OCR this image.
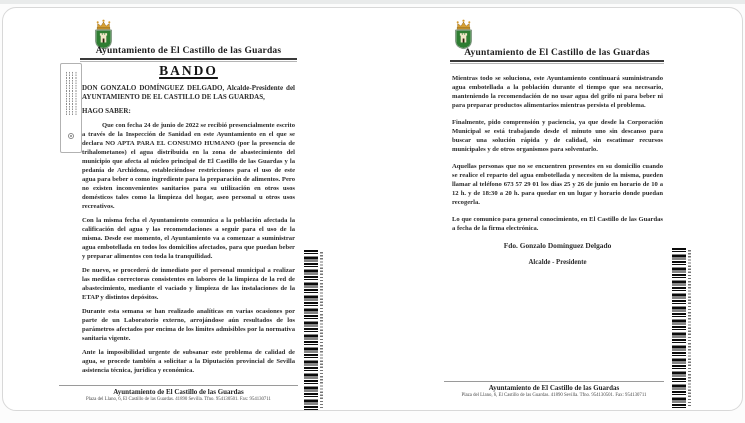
Ayuntamiento de El Castillo de las Guardas
BANDO

DON GONZALO DOMÍNGUEZ DELGADO, Alcalde-Presidente del AYUNTAMIENTO DE EL CASTILLO DE LAS GUARDAS,

HAGO SABER:

Que con fecha 24 de junio de 2022 se recibió presencialmente escrito a través de la Inspección de Sanidad en este Ayuntamiento en el que se declara NO APTA PARA EL CONSUMO HUMANO (por la presencia de trihalometanos) el agua distribuida en la zona de abastecimiento del municipio que afecta al núcleo principal de El Castillo de las Guardas y la pedanía de Archidona, estableciéndose restricciones para el uso de este agua para beber o como ingrediente para la preparación de alimentos. Pero no existen inconvenientes sanitarios para su utilización en otros usos domésticos tales como la limpieza del hogar, aseo personal u otros usos recreativos.

Con la misma fecha el Ayuntamiento comunica a la población afectada la calificación del agua y las recomendaciones a seguir para el uso de la misma. Desde ese momento, el Ayuntamiento va a comenzar a suministrar agua embotellada en todos los domicilios afectados, para que puedan beber y preparar alimentos con toda la tranquilidad.

De nuevo, se procederá de inmediato por el personal municipal a realizar las medidas correctoras consistentes en labores de la limpieza de la red de abastecimiento, mediante el vaciado y limpieza de las instalaciones de la ETAP y distintos depósitos.

Durante esta semana se han realizado analíticas en varias ocasiones por parte de un Laboratorio externo, arrojándose aún resultados de los parámetros afectados por encima de los límites admisibles por la normativa sanitaria vigente.

Ante la imposibilidad urgente de subsanar este problema de calidad de agua, se procede también a solicitar a la Diputación provincial de Sevilla asistencia técnica, jurídica y económica.

Ayuntamiento de El Castillo de las Guardas
Plaza del Llano, 6, El Castillo de las Guardas. 41890 Sevilla. Tfno. 954130501. Fax: 954130711
Ayuntamiento de El Castillo de las Guardas

Mientras todo se soluciona, este Ayuntamiento continuará suministrando agua embotellada a la población durante el tiempo que sea necesario, manteniendo la recomendación de no usar agua del grifo ni para beber ni para preparar productos alimentarios mientras persista el problema.

Finalmente, pido comprensión y paciencia, ya que desde la Corporación Municipal se está trabajando desde el minuto uno sin descanso para buscar una solución rápida y de calidad, sin escatimar recursos municipales y de otros organismos para solventarlo.

Aquellas personas que no se encuentren presentes en su domicilio cuando se realice el reparto del agua embotellada y necesiten de la misma, pueden llamar al teléfono 673 57 29 01 los días 25 y 26 de junio en horario de 10 a 12 h. y de 18:30 a 20 h. para quedar en un lugar y horario donde puedan recogerla.

Lo que comunico para general conocimiento, en El Castillo de las Guardas a fecha de la firma electrónica.

Fdo. Gonzalo Domínguez Delgado

Alcalde - Presidente

Ayuntamiento de El Castillo de las Guardas
Plaza del Llano, 6, El Castillo de las Guardas. 41890 Sevilla. Tfno. 954130501. Fax: 954130711
